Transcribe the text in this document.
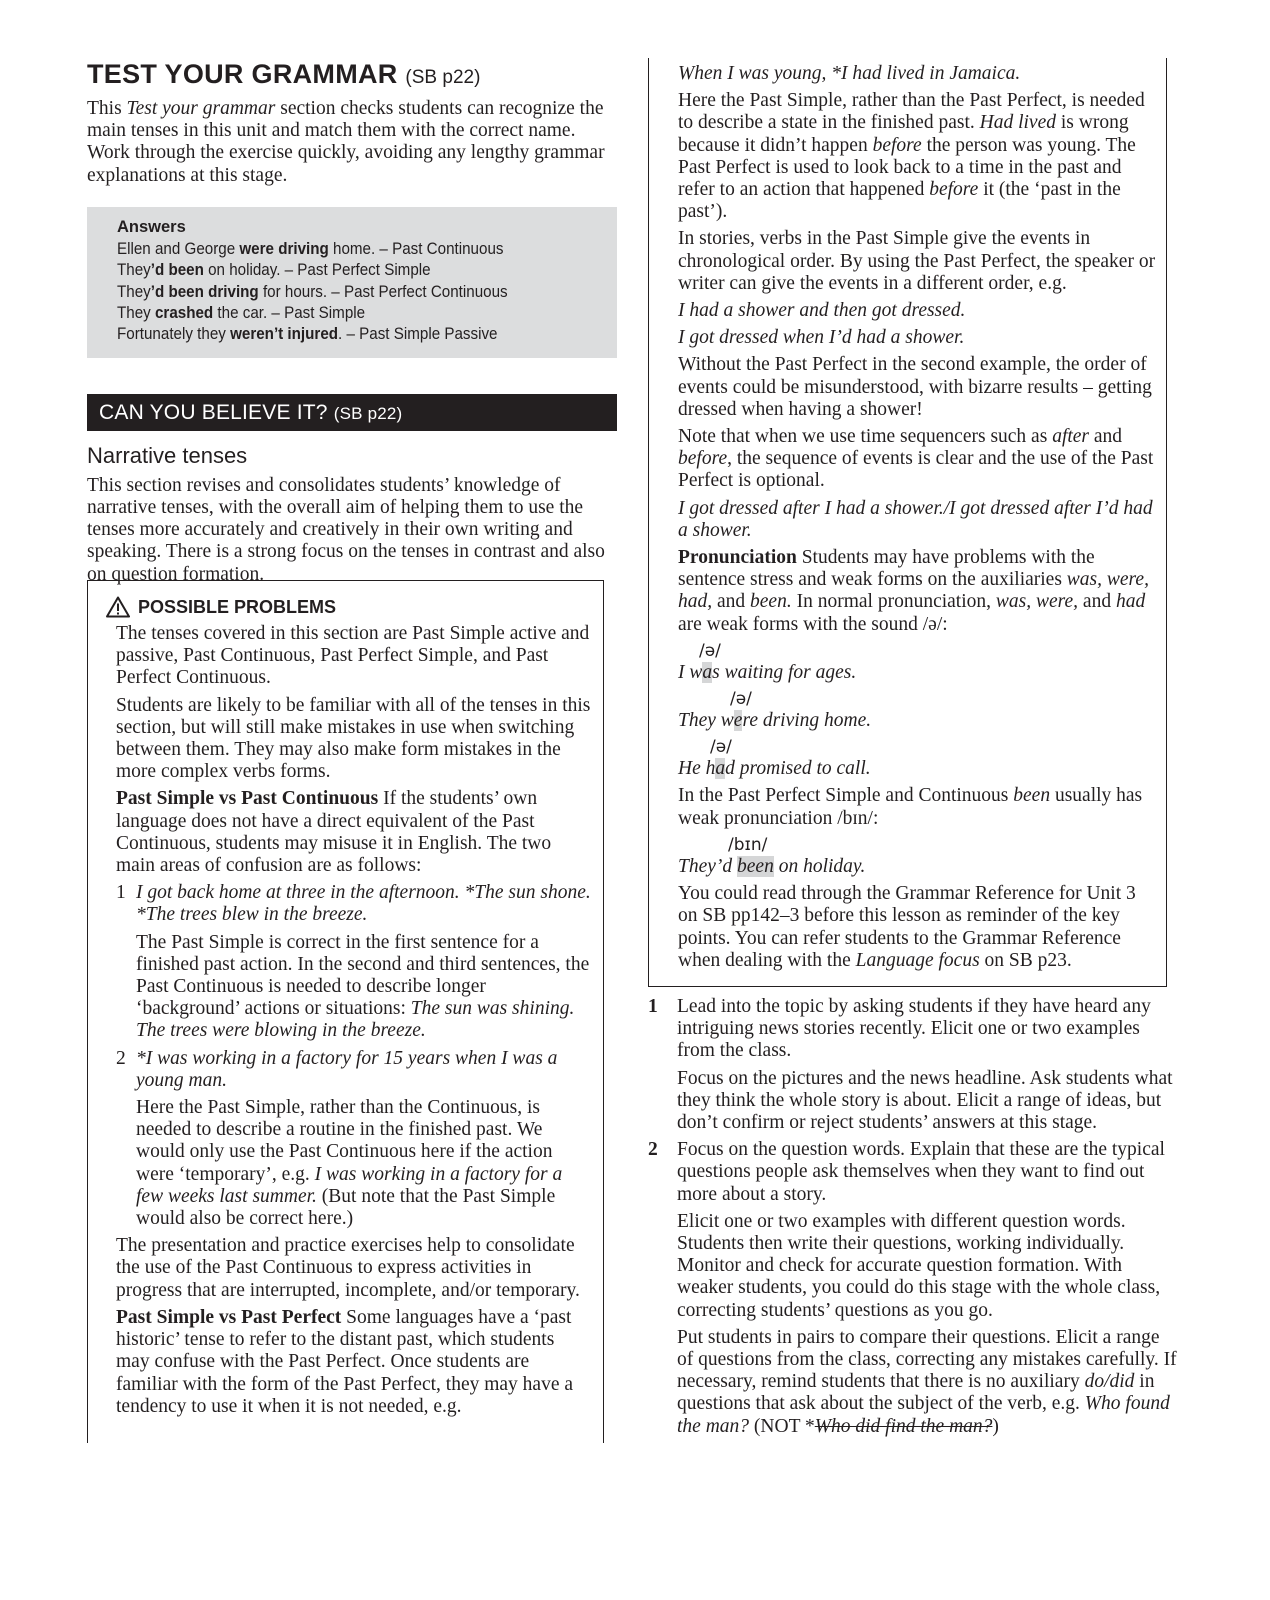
TEST YOUR GRAMMAR (SB p22)

This Test your grammar section checks students can recognize the main tenses in this unit and match them with the correct name. Work through the exercise quickly, avoiding any lengthy grammar explanations at this stage.

Answers
Ellen and George were driving home. – Past Continuous
They’d been on holiday. – Past Perfect Simple
They’d been driving for hours. – Past Perfect Continuous
They crashed the car. – Past Simple
Fortunately they weren’t injured. – Past Simple Passive
CAN YOU BELIEVE IT? (SB p22)
Narrative tenses

This section revises and consolidates students’ knowledge of narrative tenses, with the overall aim of helping them to use the tenses more accurately and creatively in their own writing and speaking. There is a strong focus on the tenses in contrast and also on question formation.

POSSIBLE PROBLEMS

The tenses covered in this section are Past Simple active and passive, Past Continuous, Past Perfect Simple, and Past Perfect Continuous.

Students are likely to be familiar with all of the tenses in this section, but will still make mistakes in use when switching between them. They may also make form mistakes in the more complex verbs forms.

Past Simple vs Past Continuous If the students’ own language does not have a direct equivalent of the Past Continuous, students may misuse it in English. The two main areas of confusion are as follows:

1 I got back home at three in the afternoon. *The sun shone. *The trees blew in the breeze.

The Past Simple is correct in the first sentence for a finished past action. In the second and third sentences, the Past Continuous is needed to describe longer ‘background’ actions or situations: The sun was shining. The trees were blowing in the breeze.

2 *I was working in a factory for 15 years when I was a young man.

Here the Past Simple, rather than the Continuous, is needed to describe a routine in the finished past. We would only use the Past Continuous here if the action were ‘temporary’, e.g. I was working in a factory for a few weeks last summer. (But note that the Past Simple would also be correct here.)

The presentation and practice exercises help to consolidate the use of the Past Continuous to express activities in progress that are interrupted, incomplete, and/or temporary.

Past Simple vs Past Perfect Some languages have a ‘past historic’ tense to refer to the distant past, which students may confuse with the Past Perfect. Once students are familiar with the form of the Past Perfect, they may have a tendency to use it when it is not needed, e.g.

When I was young, *I had lived in Jamaica.

Here the Past Simple, rather than the Past Perfect, is needed to describe a state in the finished past. Had lived is wrong because it didn’t happen before the person was young. The Past Perfect is used to look back to a time in the past and refer to an action that happened before it (the ‘past in the past’).

In stories, verbs in the Past Simple give the events in chronological order. By using the Past Perfect, the speaker or writer can give the events in a different order, e.g.

I had a shower and then got dressed.

I got dressed when I’d had a shower.

Without the Past Perfect in the second example, the order of events could be misunderstood, with bizarre results – getting dressed when having a shower!

Note that when we use time sequencers such as after and before, the sequence of events is clear and the use of the Past Perfect is optional.

I got dressed after I had a shower./I got dressed after I’d had a shower.

Pronunciation Students may have problems with the sentence stress and weak forms on the auxiliaries was, were, had, and been. In normal pronunciation, was, were, and had are weak forms with the sound /ə/:

/ə/

I was waiting for ages.

/ə/

They were driving home.

/ə/

He had promised to call.

In the Past Perfect Simple and Continuous been usually has weak pronunciation /bɪn/:

/bɪn/

They’d been on holiday.

You could read through the Grammar Reference for Unit 3 on SB pp142–3 before this lesson as reminder of the key points. You can refer students to the Grammar Reference when dealing with the Language focus on SB p23.

1 Lead into the topic by asking students if they have heard any intriguing news stories recently. Elicit one or two examples from the class.

Focus on the pictures and the news headline. Ask students what they think the whole story is about. Elicit a range of ideas, but don’t confirm or reject students’ answers at this stage.

2 Focus on the question words. Explain that these are the typical questions people ask themselves when they want to find out more about a story.

Elicit one or two examples with different question words. Students then write their questions, working individually. Monitor and check for accurate question formation. With weaker students, you could do this stage with the whole class, correcting students’ questions as you go.

Put students in pairs to compare their questions. Elicit a range of questions from the class, correcting any mistakes carefully. If necessary, remind students that there is no auxiliary do/did in questions that ask about the subject of the verb, e.g. Who found the man? (NOT *Who did find the man?)
